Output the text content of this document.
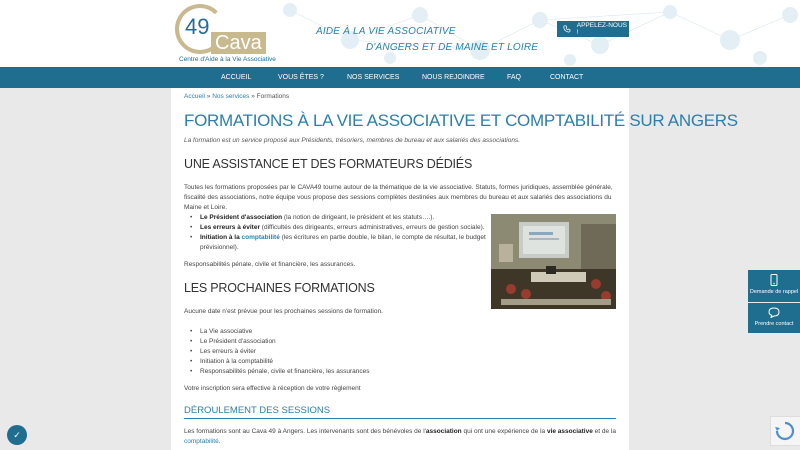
49
Cava
Centre d'Aide à la Vie Associative
AIDE À LA VIE ASSOCIATIVE
D'ANGERS ET DE MAINE ET LOIRE
APPELEZ-NOUS !
ACCUEIL	VOUS ÊTES ?	NOS SERVICES	NOUS REJOINDRE	FAQ	CONTACT
Accueil » Nos services » Formations
FORMATIONS À LA VIE ASSOCIATIVE ET COMPTABILITÉ SUR ANGERS

La formation est un service proposé aux Présidents, trésoriers, membres de bureau et aux salariés des associations.

UNE ASSISTANCE ET DES FORMATEURS DÉDIÉS

Toutes les formations proposées par le CAVA49 tourne autour de la thématique de la vie associative. Statuts, formes juridiques, assemblée générale, fiscalité des associations, notre équipe vous propose des sessions complètes destinées aux membres du bureau et aux salariés des associations du Maine et Loire.

• Le Président d'association (la notion de dirigeant, le président et les statuts….).
• Les erreurs à éviter (difficultés des dirigeants, erreurs administratives, erreurs de gestion sociale).
• Initiation à la comptabilité (les écritures en partie double, le bilan, le compte de résultat, le budget prévisionnel).

Responsabilités pénale, civile et financière, les assurances.

LES PROCHAINES FORMATIONS

Aucune date n'est prévue pour les prochaines sessions de formation.

• La Vie associative
• Le Président d'association
• Les erreurs à éviter
• Initiation à la comptabilité
• Responsabilités pénale, civile et financière, les assurances

Votre inscription sera effective à réception de votre règlement

DÉROULEMENT DES SESSIONS

Les formations sont au Cava 49 à Angers. Les intervenants sont des bénévoles de l'association qui ont une expérience de la vie associative et de la
comptabilité.

Demande de rappel
Prendre contact
✓
